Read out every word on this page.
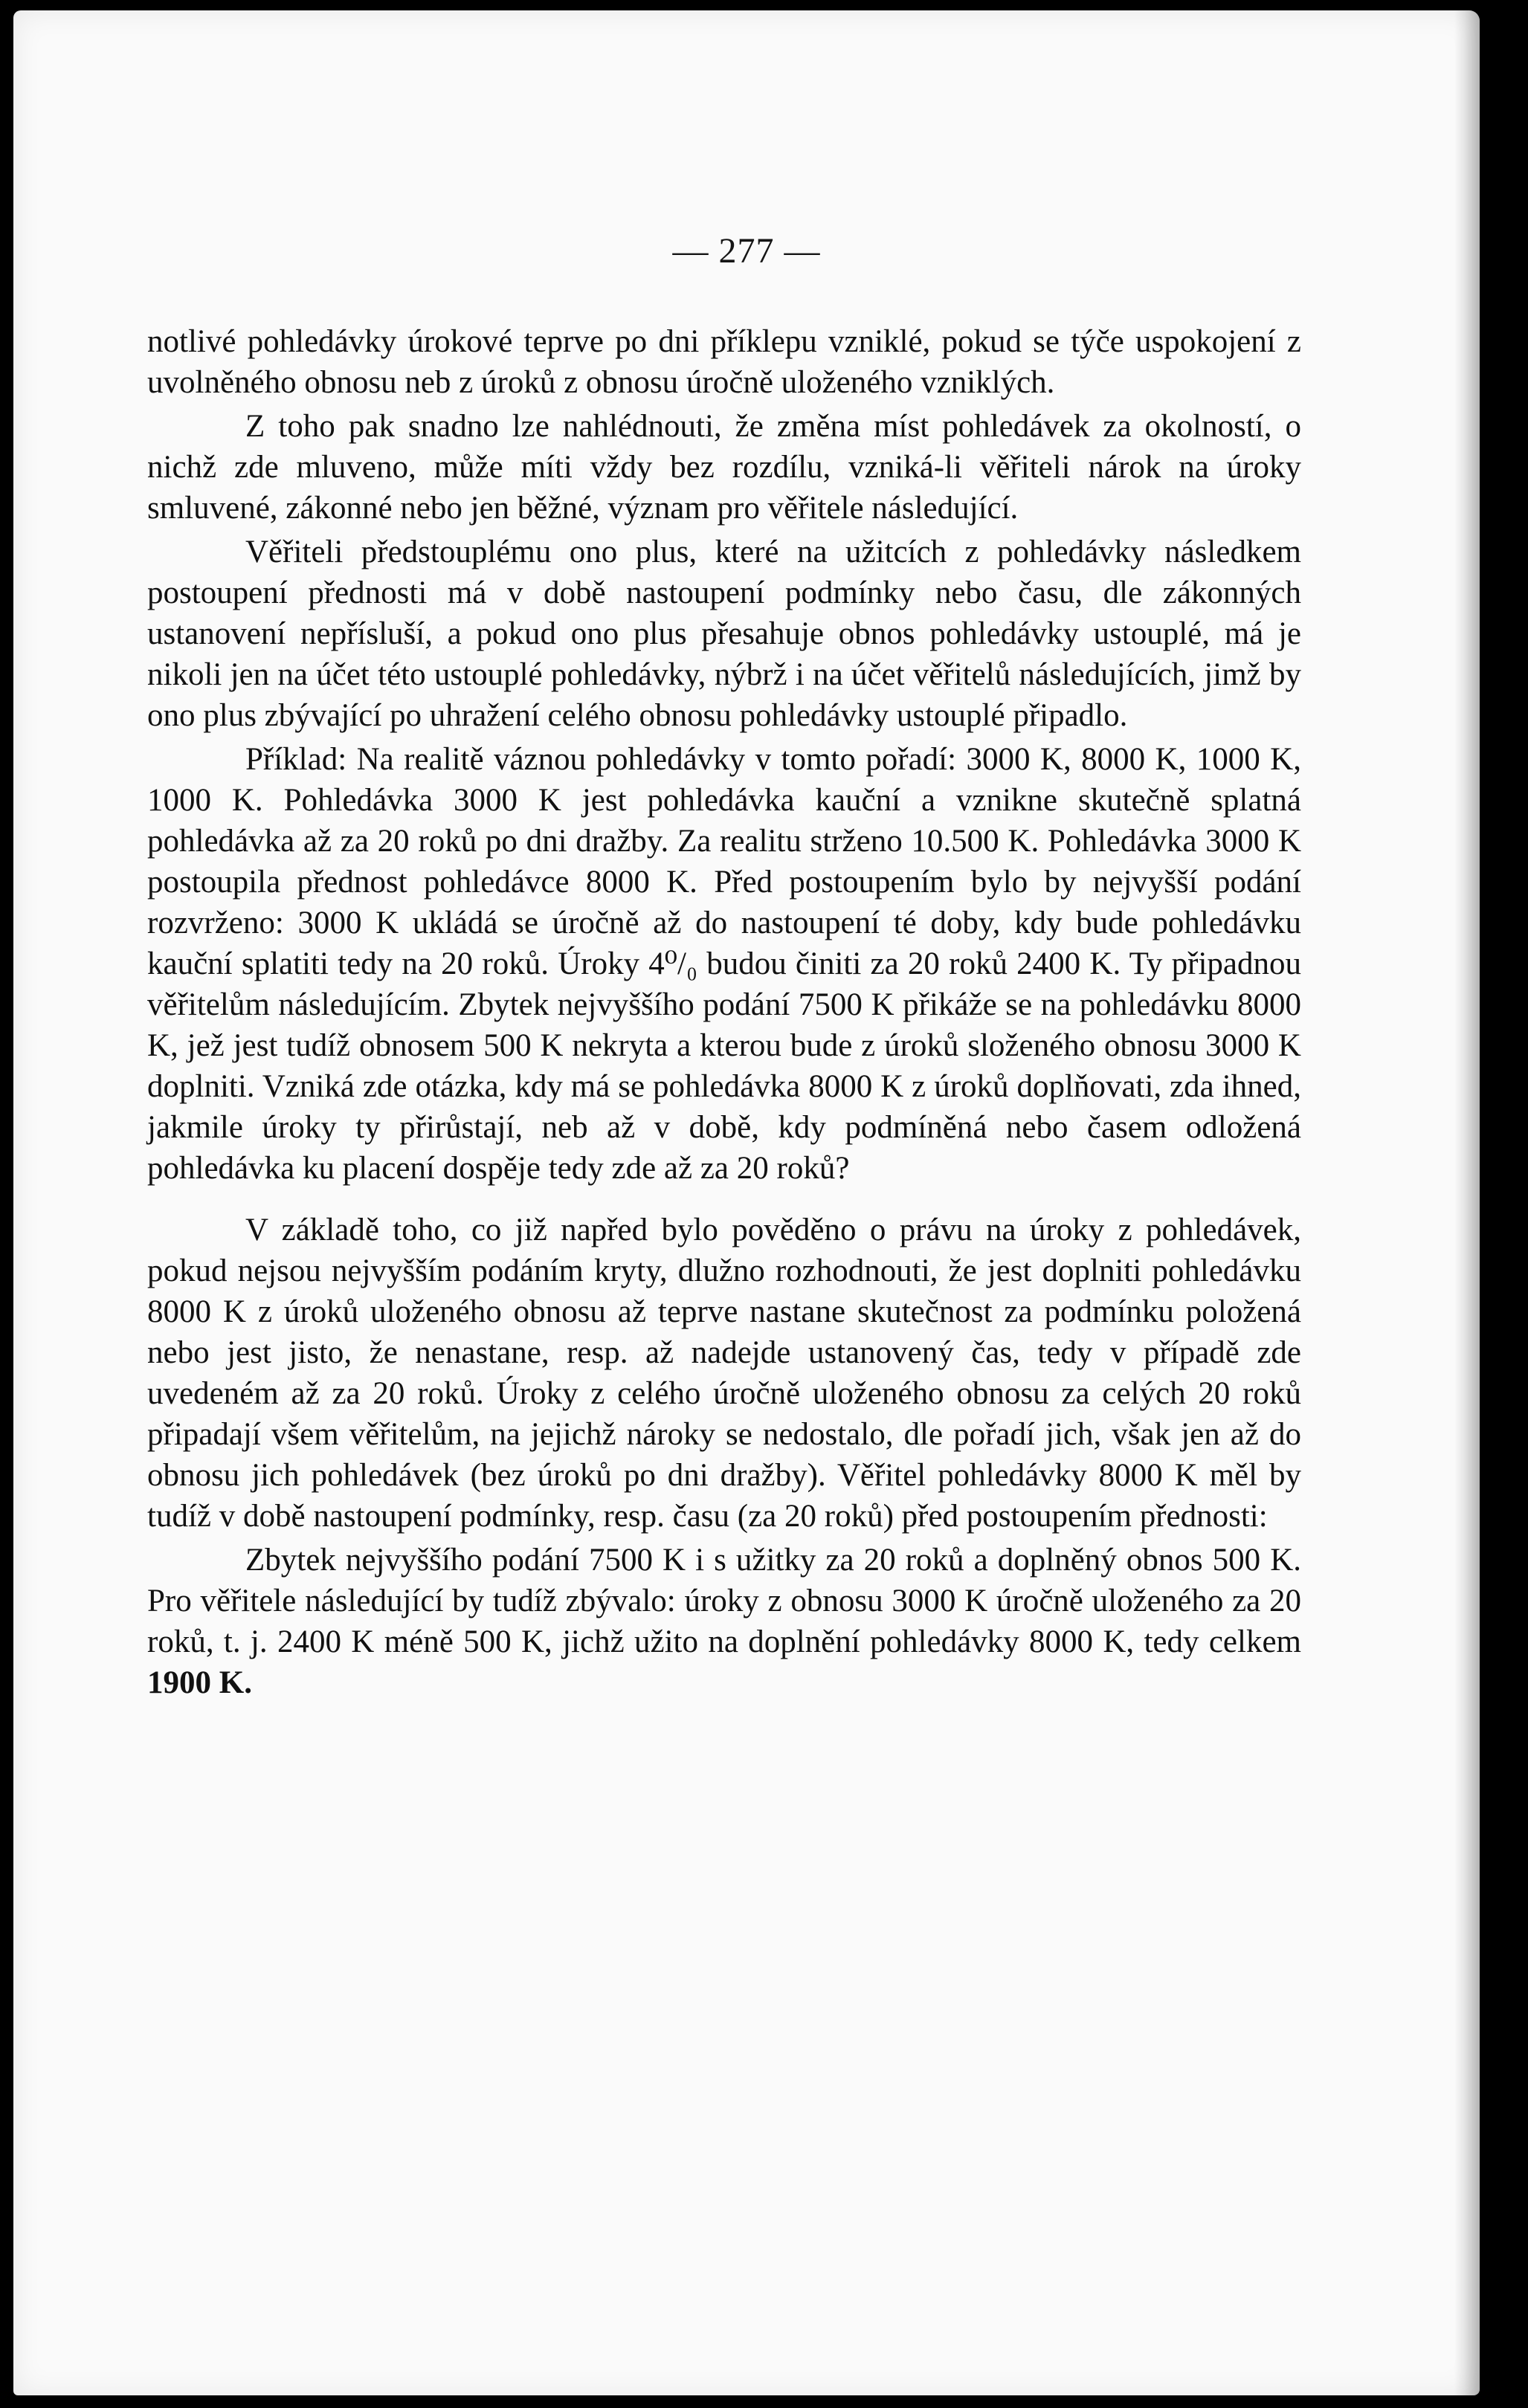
— 277 —

notlivé pohledávky úrokové teprve po dni příklepu vzniklé, pokud se týče uspokojení z uvolněného obnosu neb z úroků z obnosu úročně uloženého vzniklých.

Z toho pak snadno lze nahlédnouti, že změna míst pohledávek za okolností, o nichž zde mluveno, může míti vždy bez rozdílu, vzniká-li věřiteli nárok na úroky smluvené, zákonné nebo jen běžné, význam pro věřitele následující.

Věřiteli předstouplému ono plus, které na užitcích z pohledávky následkem postoupení přednosti má v době nastoupení podmínky nebo času, dle zákonných ustanovení nepřísluší, a pokud ono plus přesahuje obnos pohledávky ustouplé, má je nikoli jen na účet této ustouplé pohledávky, nýbrž i na účet věřitelů následujících, jimž by ono plus zbývající po uhražení celého obnosu pohledávky ustouplé připadlo.

Příklad: Na realitě váznou pohledávky v tomto pořadí: 3000 K, 8000 K, 1000 K, 1000 K. Pohledávka 3000 K jest pohledávka kauční a vznikne skutečně splatná pohledávka až za 20 roků po dni dražby. Za realitu strženo 10.500 K. Pohledávka 3000 K postoupila přednost pohledávce 8000 K. Před postoupením bylo by nejvyšší podání rozvrženo: 3000 K ukládá se úročně až do nastoupení té doby, kdy bude pohledávku kauční splatiti tedy na 20 roků. Úroky 4⁰/₀ budou činiti za 20 roků 2400 K. Ty připadnou věřitelům následujícím. Zbytek nejvyššího podání 7500 K přikáže se na pohledávku 8000 K, jež jest tudíž obnosem 500 K nekryta a kterou bude z úroků složeného obnosu 3000 K doplniti. Vzniká zde otázka, kdy má se pohledávka 8000 K z úroků doplňovati, zda ihned, jakmile úroky ty přirůstají, neb až v době, kdy podmíněná nebo časem odložená pohledávka ku placení dospěje tedy zde až za 20 roků?

V základě toho, co již napřed bylo pověděno o právu na úroky z pohledávek, pokud nejsou nejvyšším podáním kryty, dlužno rozhodnouti, že jest doplniti pohledávku 8000 K z úroků uloženého obnosu až teprve nastane skutečnost za podmínku položená nebo jest jisto, že nenastane, resp. až nadejde ustanovený čas, tedy v případě zde uvedeném až za 20 roků. Úroky z celého úročně uloženého obnosu za celých 20 roků připadají všem věřitelům, na jejichž nároky se nedostalo, dle pořadí jich, však jen až do obnosu jich pohledávek (bez úroků po dni dražby). Věřitel pohledávky 8000 K měl by tudíž v době nastoupení podmínky, resp. času (za 20 roků) před postoupením přednosti:

Zbytek nejvyššího podání 7500 K i s užitky za 20 roků a doplněný obnos 500 K. Pro věřitele následující by tudíž zbývalo: úroky z obnosu 3000 K úročně uloženého za 20 roků, t. j. 2400 K méně 500 K, jichž užito na doplnění pohledávky 8000 K, tedy celkem 1900 K.
